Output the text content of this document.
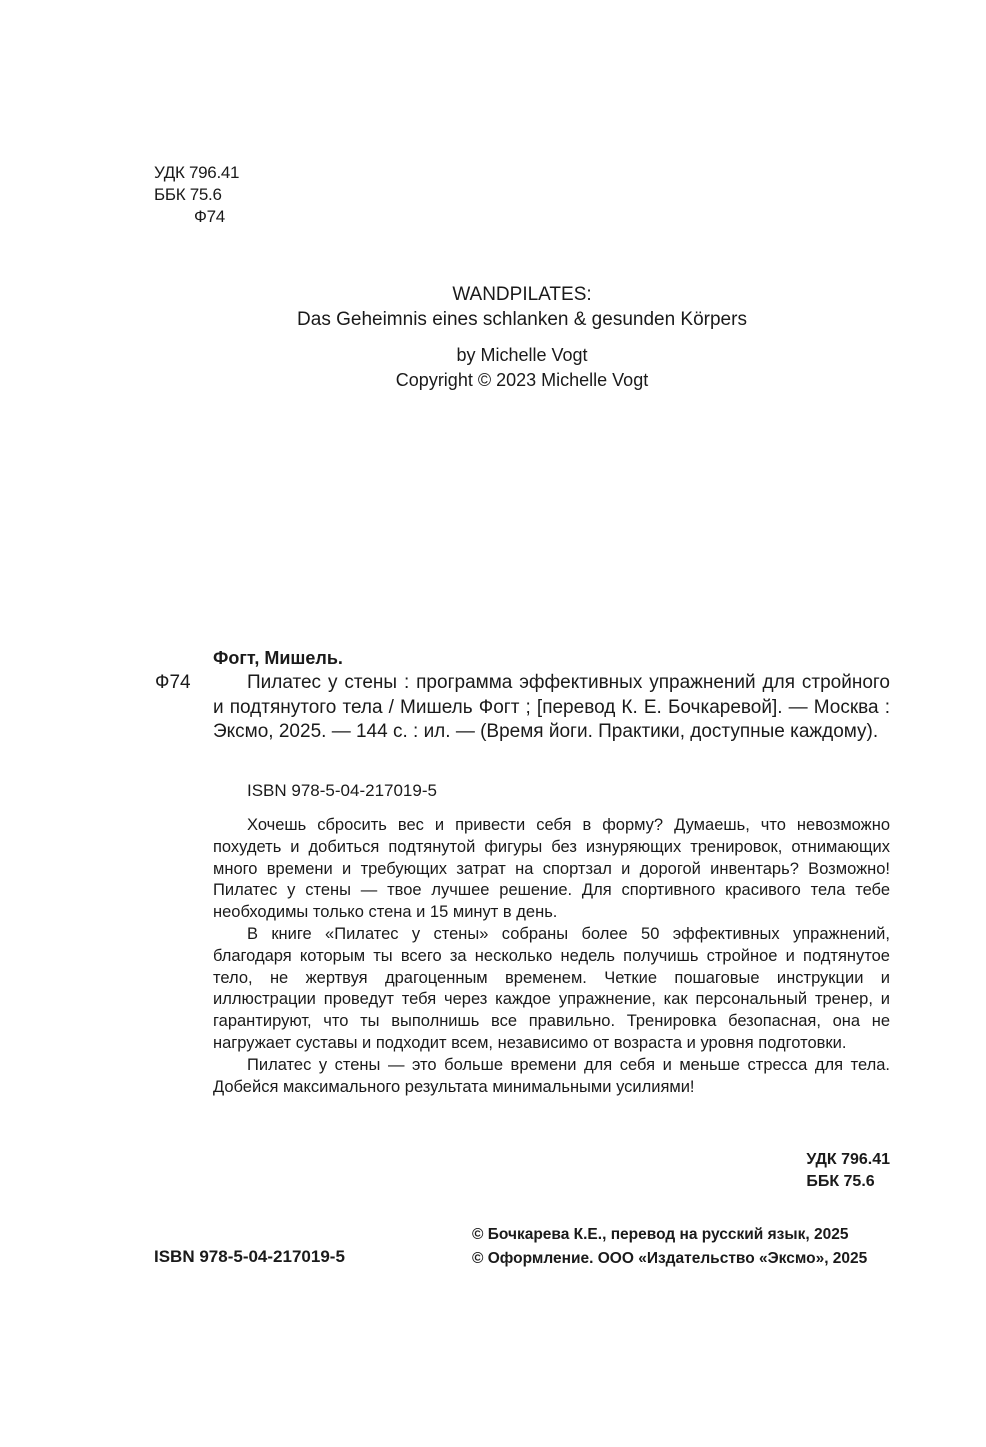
УДК 796.41
ББК 75.6
Ф74
WANDPILATES:
Das Geheimnis eines schlanken & gesunden Körpers
by Michelle Vogt
Copyright © 2023 Michelle Vogt
Фогт, Мишель.
Ф74	Пилатес у стены : программа эффективных упражнений для стройного и подтянутого тела / Мишель Фогт ; [перевод К. Е. Бочкаревой]. — Москва : Эксмо, 2025. — 144 с. : ил. — (Время йоги. Практики, доступные каждому).
ISBN 978-5-04-217019-5

Хочешь сбросить вес и привести себя в форму? Думаешь, что невозможно похудеть и добиться подтянутой фигуры без изнуряющих тренировок, отнимающих много времени и требующих затрат на спортзал и дорогой инвентарь? Возможно! Пилатес у стены — твое лучшее решение. Для спортивного красивого тела тебе необходимы только стена и 15 минут в день.

В книге «Пилатес у стены» собраны более 50 эффективных упражнений, благодаря которым ты всего за несколько недель получишь стройное и подтянутое тело, не жертвуя драгоценным временем. Четкие пошаговые инструкции и иллюстрации проведут тебя через каждое упражнение, как персональный тренер, и гарантируют, что ты выполнишь все правильно. Тренировка безопасная, она не нагружает суставы и подходит всем, независимо от возраста и уровня подготовки.

Пилатес у стены — это больше времени для себя и меньше стресса для тела. Добейся максимального результата минимальными усилиями!

УДК 796.41
ББК 75.6
ISBN 978-5-04-217019-5
© Бочкарева К.Е., перевод на русский язык, 2025
© Оформление. ООО «Издательство «Эксмо», 2025
